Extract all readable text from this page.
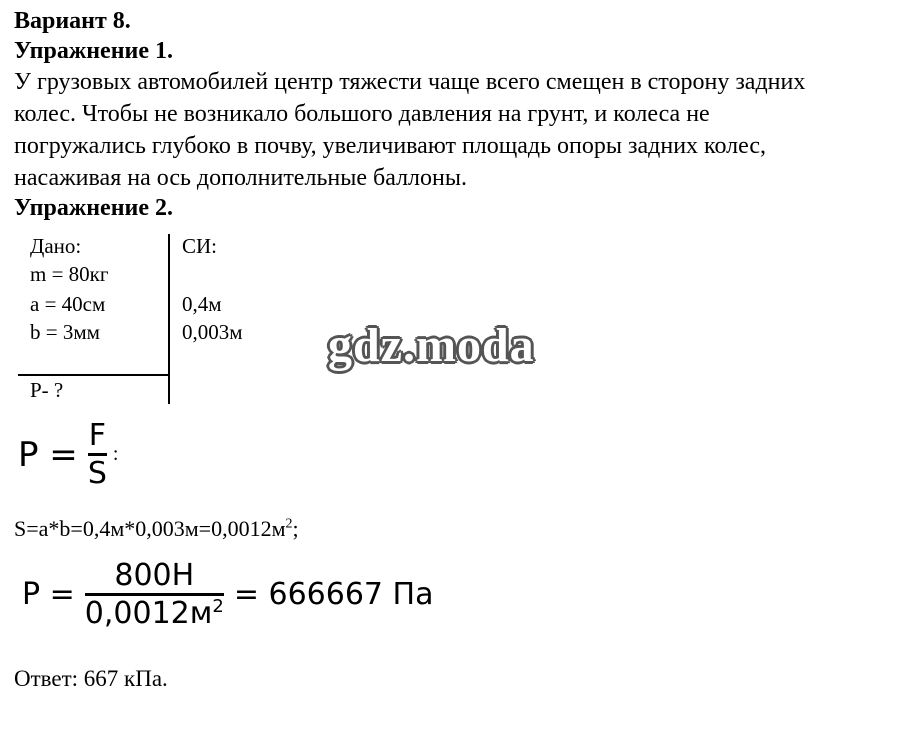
Вариант 8.
Упражнение 1.
У грузовых автомобилей центр тяжести чаще всего смещен в сторону задних
колес. Чтобы не возникало большого давления на грунт, и колеса не
погружались глубоко в почву, увеличивают площадь опоры задних колес,
насаживая на ось дополнительные баллоны.
Упражнение 2.
Дано:
m = 80кг
a = 40см
b = 3мм
P- ?
СИ:
0,4м
0,003м gdz.moda
$P = \frac{F}{S}$ :
$S=a*b=0,4м*0,003м=0,0012м^2$;
$P = \frac{800Н}{0,0012м^2} = 666667$ Па
Ответ: 667 кПа.
